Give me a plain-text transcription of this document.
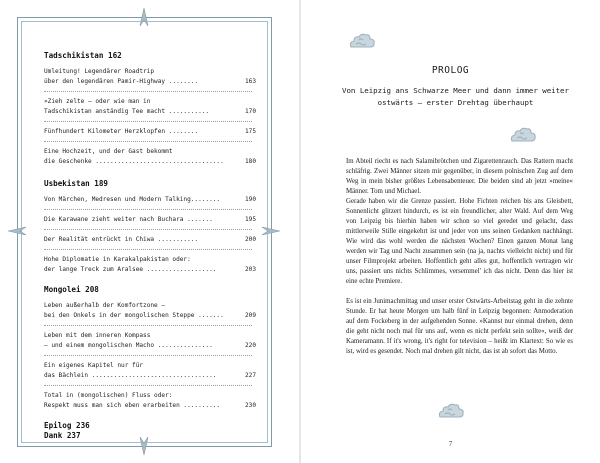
Tadschikistan 162
Umleitung! Legendärer Roadtrip
über den legendären Pamir-Highway ........	163
»Zieh zelte – oder wie man in
Tadschikistan anständig Tee macht ...........	170
Fünfhundert Kilometer Herzklopfen ........	175
Eine Hochzeit, und der Gast bekommt
die Geschenke ...................................	180
Usbekistan 189
Von Märchen, Medresen und Modern Talking........	190
Die Karawane zieht weiter nach Buchara .......	195
Der Realität entrückt in Chiwa ...........	200
Hohe Diplomatie in Karakalpakistan oder:
der lange Treck zum Aralsee ...................	203
Mongolei 208
Leben außerhalb der Komfortzone –
bei den Onkels in der mongolischen Steppe .......	209
Leben mit dem inneren Kompass
– und einem mongolischen Macho ...............	220
Ein eigenes Kapitel nur für
das Bächlein ..................................	227
Total in (mongolischen) Fluss oder:
Respekt muss man sich eben erarbeiten ..........	230
Epilog 236
Dank 237
PROLOG
Von Leipzig ans Schwarze Meer und dann immer weiter ostwärts – erster Drehtag überhaupt

Im Abteil riecht es nach Salamibrötchen und Zigarettenrauch. Das Rattern macht schläfrig. Zwei Männer sitzen mir gegenüber, in diesem polnischen Zug auf dem Weg in mein bisher größtes Lebensabenteuer. Die beiden sind ab jetzt »meine« Männer. Tom und Michael.

Gerade haben wir die Grenze passiert. Hohe Fichten reichen bis ans Gleisbett, Sonnenlicht glitzert hindurch, es ist ein freundlicher, alter Wald. Auf dem Weg von Leipzig bis hierhin haben wir schon so viel geredet und gelacht, dass mittlerweile Stille eingekehrt ist und jeder von uns seinen Gedanken nachhängt. Wie wird das wohl werden die nächsten Wochen? Einen ganzen Monat lang werden wir Tag und Nacht zusammen sein (na ja, nachts vielleicht nicht) und für unser Filmprojekt arbeiten. Hoffentlich geht alles gut, hoffentlich vertragen wir uns, passiert uns nichts Schlimmes, versemmel' ich das nicht. Denn das hier ist eine echte Premiere.

Es ist ein Junimachmittag und unser erster Ostwärts-Arbeitstag geht in die zehnte Stunde. Er hat heute Morgen um halb fünf in Leipzig begonnen: Anmoderation auf dem Fockeberg in der aufgehenden Sonne. »Kannst nur einmal drehen, denn die geht nicht noch mal für uns auf, wenn es nicht perfekt sein sollte«, weiß der Kameramann. If it's wrong, it's right for television – heißt im Klartext: So wie es ist, wird es gesendet. Noch mal drehen gilt nicht, das ist ab sofort das Motto.

7
